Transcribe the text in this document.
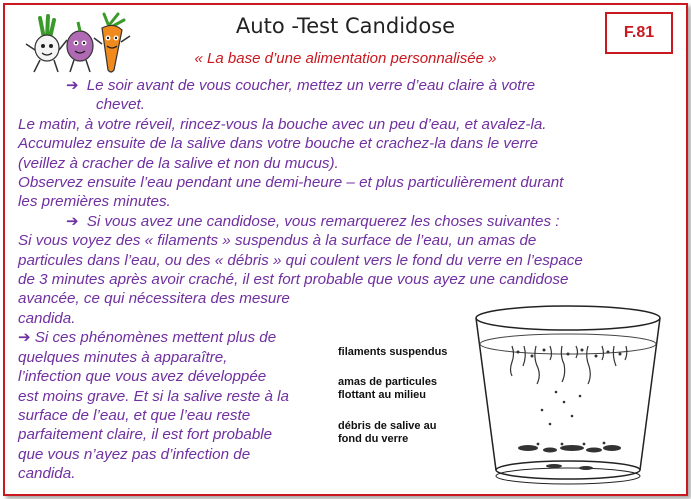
Auto -Test Candidose
« La base d’une alimentation personnalisée »
F.81

➔ Le soir avant de vous coucher, mettez un verre d’eau claire à votre

chevet.

Le matin, à votre réveil, rincez-vous la bouche avec un peu d’eau, et avalez-la.

Accumulez ensuite de la salive dans votre bouche et crachez-la dans le verre

(veillez à cracher de la salive et non du mucus).

Observez ensuite l’eau pendant une demi-heure – et plus particulièrement durant

les premières minutes.

➔ Si vous avez une candidose, vous remarquerez les choses suivantes :

Si vous voyez des « filaments » suspendus à la surface de l’eau, un amas de

particules dans l’eau, ou des « débris » qui coulent vers le fond du verre en l’espace

de 3 minutes après avoir craché, il est fort probable que vous ayez une candidose

avancée, ce qui nécessitera des mesure

candida.

➔ Si ces phénomènes mettent plus de

quelques minutes à apparaître,

l’infection que vous avez développée

est moins grave. Et si la salive reste à la

surface de l’eau, et que l’eau reste

parfaitement claire, il est fort probable

que vous n’ayez pas d’infection de

candida.

filaments suspendus
amas de particules
flottant au milieu
débris de salive au
fond du verre
